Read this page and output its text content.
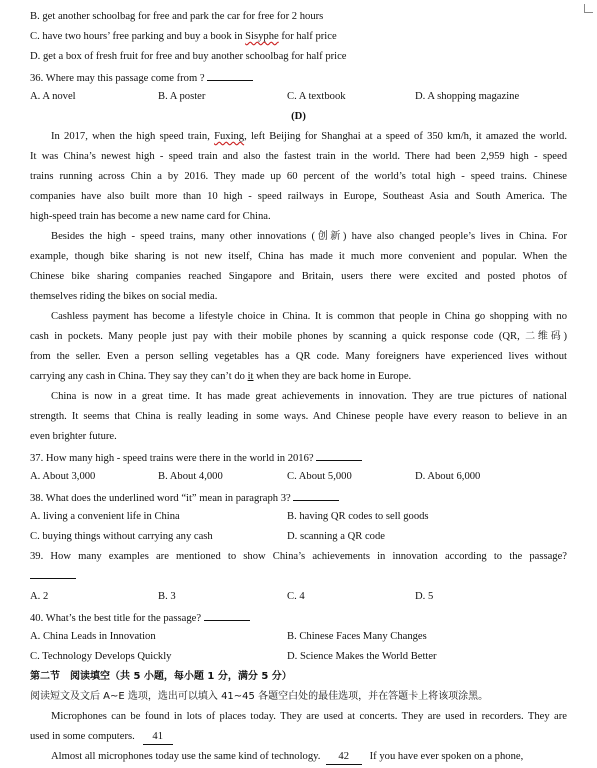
B. get another schoolbag for free and park the car for free for 2 hours
C. have two hours’ free parking and buy a book in Sisyphe for half price
D. get a box of fresh fruit for free and buy another schoolbag for half price
36. Where may this passage come from ?
A. A novel	B. A poster	C. A textbook	D. A shopping magazine
(D)
In 2017, when the high speed train, Fuxing, left Beijing for Shanghai at a speed of 350 km/h, it amazed the world.
It was China’s newest high - speed train and also the fastest train in the world. There had been 2,959 high - speed
trains running across Chin a by 2016. They made up 60 percent of the world’s total high - speed trains. Chinese
companies have also built more than 10 high - speed railways in Europe, Southeast Asia and South America. The
high-speed train has become a new name card for China.
Besides the high - speed trains, many other innovations (创新) have also changed people’s lives in China. For
example, though bike sharing is not new itself, China has made it much more convenient and popular. When the
Chinese bike sharing companies reached Singapore and Britain, users there were excited and posted photos of
themselves riding the bikes on social media.
Cashless payment has become a lifestyle choice in China. It is common that people in China go shopping with no
cash in pockets. Many people just pay with their mobile phones by scanning a quick response code (QR, 二维码)
from the seller. Even a person selling vegetables has a QR code. Many foreigners have experienced lives without
carrying any cash in China. They say they can’t do it when they are back home in Europe.
China is now in a great time. It has made great achievements in innovation. They are true pictures of national
strength. It seems that China is really leading in some ways. And Chinese people have every reason to believe in an
even brighter future.
37. How many high - speed trains were there in the world in 2016?
A. About 3,000	B. About 4,000	C. About 5,000	D. About 6,000
38. What does the underlined word “it” mean in paragraph 3?
A. living a convenient life in China	B. having QR codes to sell goods
C. buying things without carrying any cash	D. scanning a QR code
39. How many examples are mentioned to show China’s achievements in innovation according to the passage?
A. 2	B. 3	C. 4	D. 5
40. What’s the best title for the passage?
A. China Leads in Innovation	B. Chinese Faces Many Changes
C. Technology Develops Quickly	D. Science Makes the World Better
第二节　阅读填空（共 5 小题，每小题 1 分，满分 5 分）
阅读短文及文后 A~E 选项，选出可以填入 41~45 各题空白处的最佳选项，并在答题卡上将该项涂黑。
Microphones can be found in lots of places today. They are used at concerts. They are used in recorders. They are
used in some computers. 41
Almost all microphones today use the same kind of technology. 42 If you have ever spoken on a phone,
